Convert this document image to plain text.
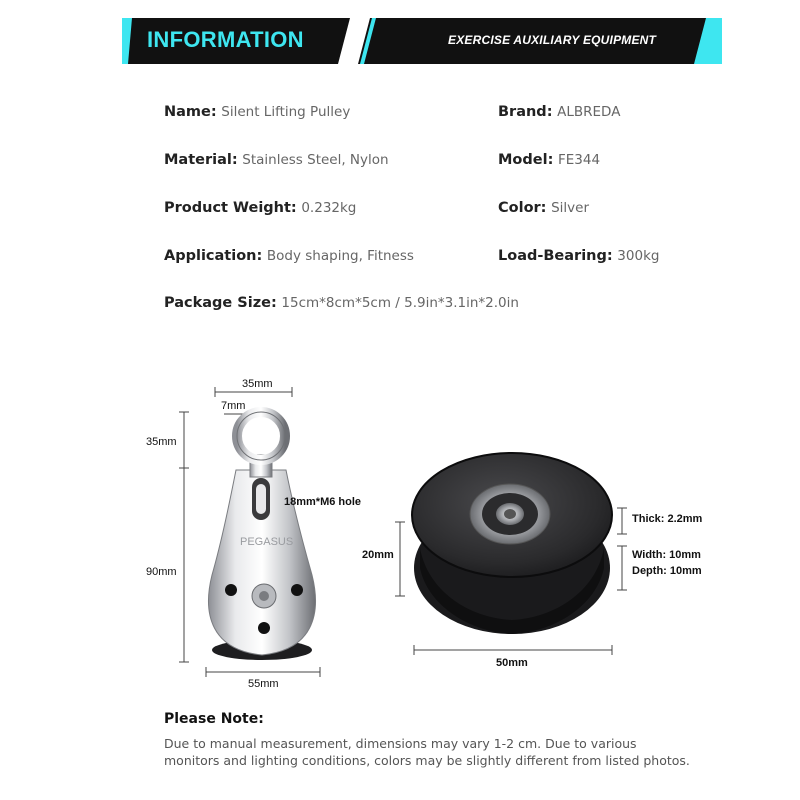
INFORMATION	EXERCISE AUXILIARY EQUIPMENT
Name: Silent Lifting Pulley	Brand: ALBREDA
Material: Stainless Steel, Nylon	Model: FE344
Product Weight: 0.232kg	Color: Silver
Application: Body shaping, Fitness	Load-Bearing: 300kg
Package Size: 15cm*8cm*5cm / 5.9in*3.1in*2.0in
PEGASUS
35mm
7mm
35mm
18mm*M6 hole
90mm
55mm
Thick: 2.2mm
20mm	Width: 10mm
Depth: 10mm
50mm
Please Note:
Due to manual measurement, dimensions may vary 1-2 cm. Due to various
monitors and lighting conditions, colors may be slightly different from listed photos.
